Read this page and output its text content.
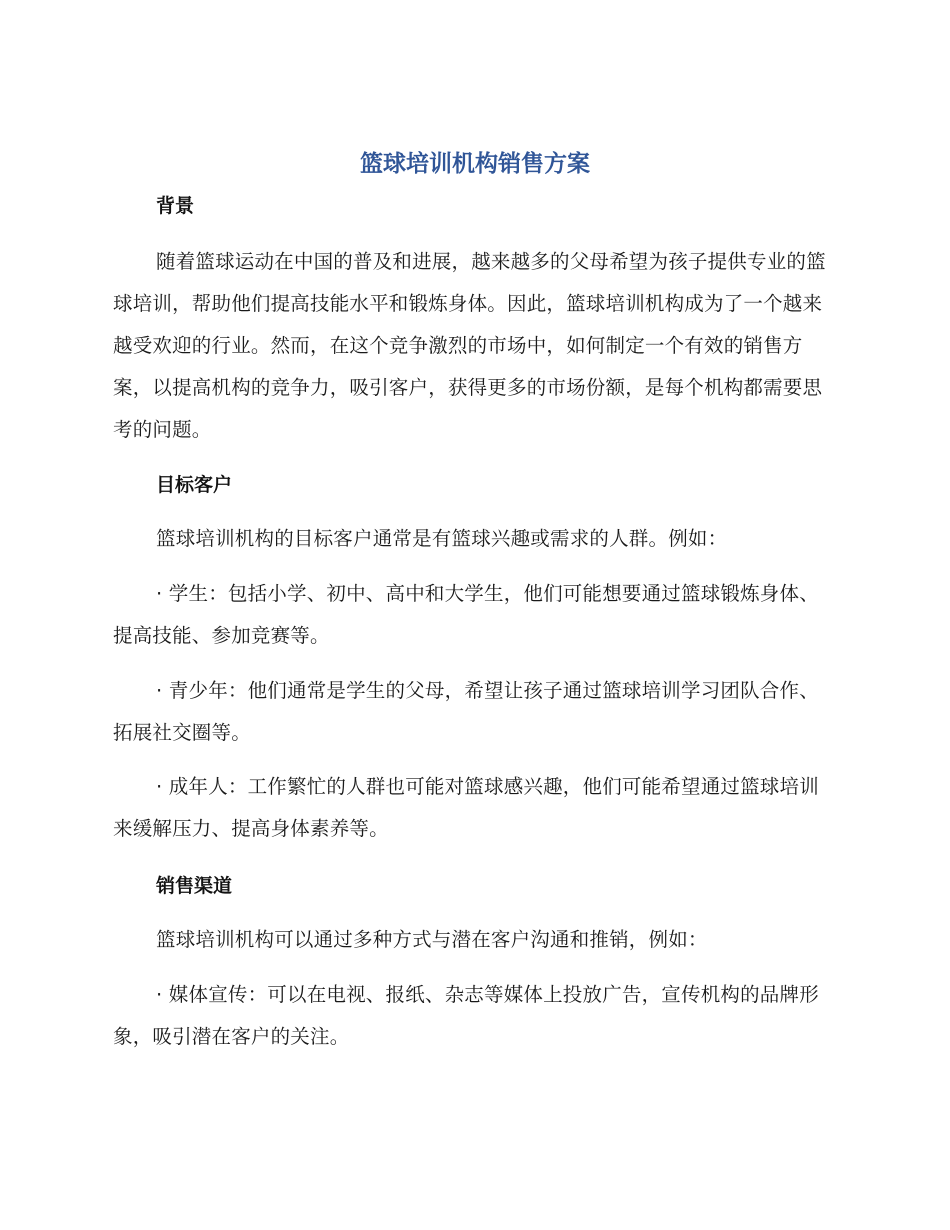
篮球培训机构销售方案
背景

随着篮球运动在中国的普及和进展，越来越多的父母希望为孩子提供专业的篮球培训，帮助他们提高技能水平和锻炼身体。因此，篮球培训机构成为了一个越来越受欢迎的行业。然而，在这个竞争激烈的市场中，如何制定一个有效的销售方案，以提高机构的竞争力，吸引客户，获得更多的市场份额，是每个机构都需要思考的问题。

目标客户

篮球培训机构的目标客户通常是有篮球兴趣或需求的人群。例如：

· 学生：包括小学、初中、高中和大学生，他们可能想要通过篮球锻炼身体、提高技能、参加竞赛等。

· 青少年：他们通常是学生的父母，希望让孩子通过篮球培训学习团队合作、拓展社交圈等。

· 成年人：工作繁忙的人群也可能对篮球感兴趣，他们可能希望通过篮球培训来缓解压力、提高身体素养等。

销售渠道

篮球培训机构可以通过多种方式与潜在客户沟通和推销，例如：

· 媒体宣传：可以在电视、报纸、杂志等媒体上投放广告，宣传机构的品牌形象，吸引潜在客户的关注。
